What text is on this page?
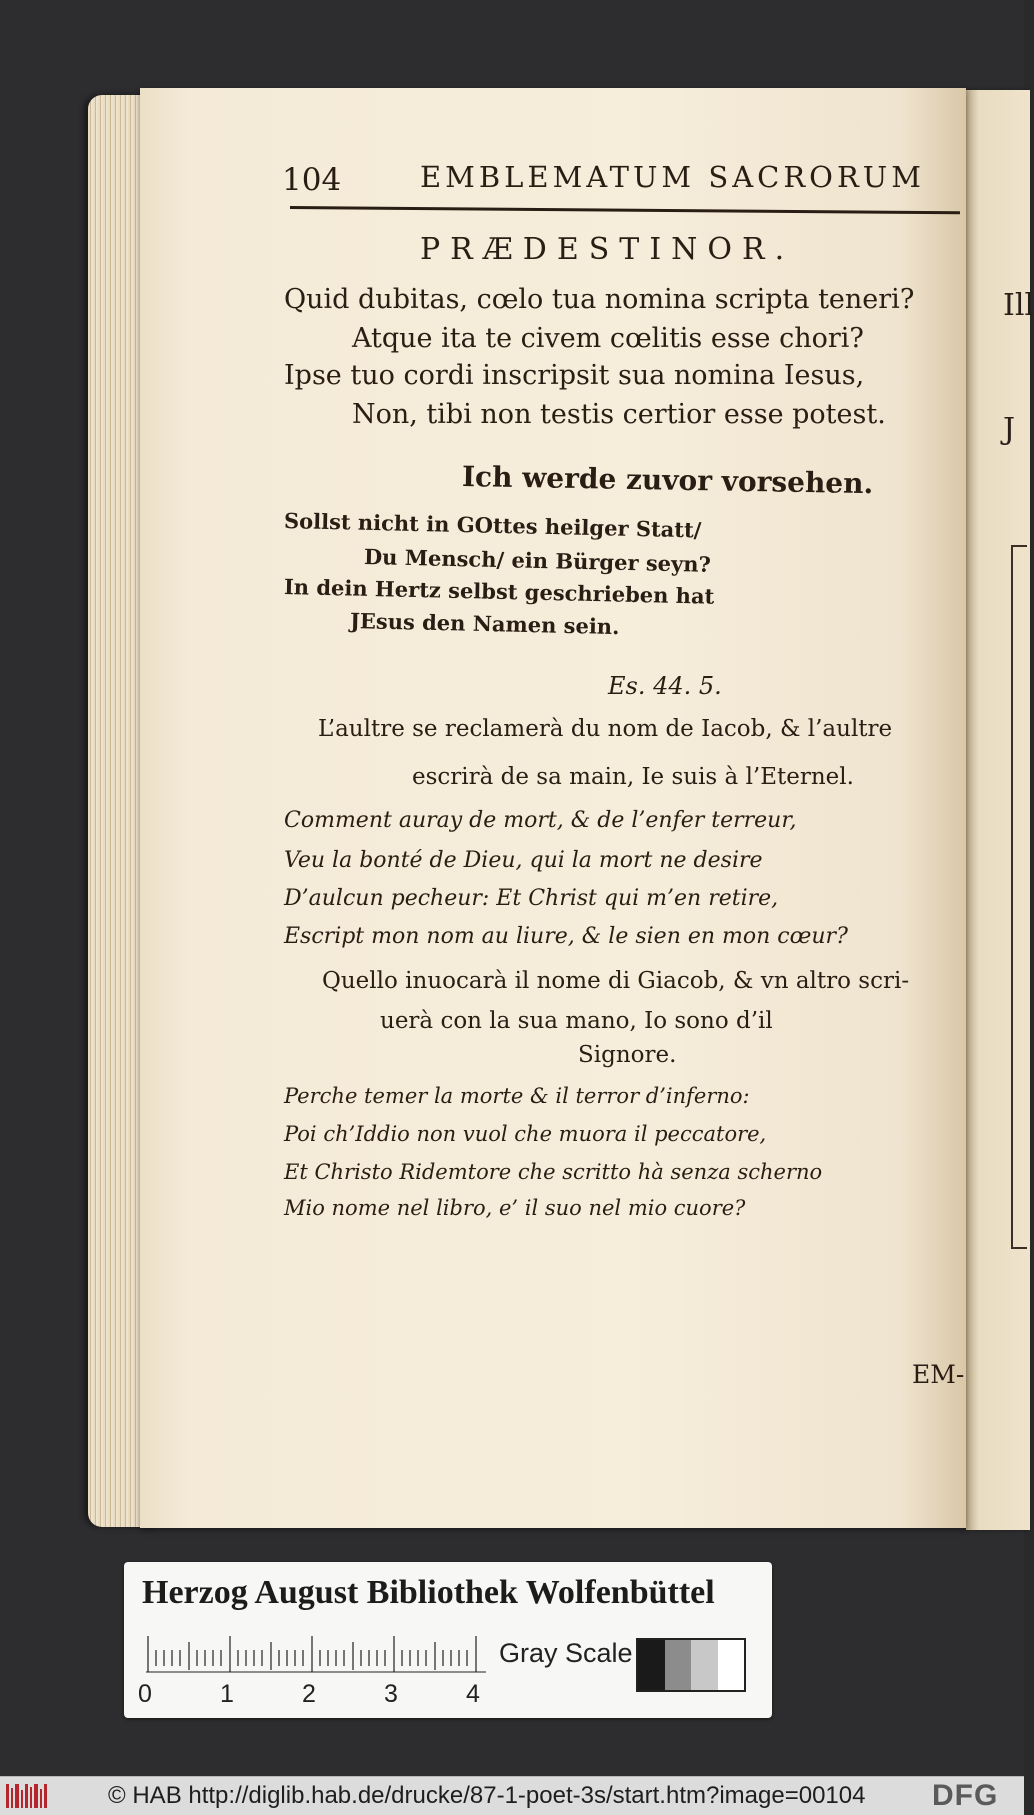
Ill
J
104	EMBLEMATUM SACRORUM
PRÆDESTINOR.
Quid dubitas, cœlo tua nomina scripta teneri?
Atque ita te civem cœlitis esse chori?
Ipse tuo cordi inscripsit sua nomina Iesus,
Non, tibi non testis certior esse potest.
Ich werde zuvor vorsehen.
Sollst nicht in GOttes heilger Statt/
Du Mensch/ ein Bürger seyn?
In dein Hertz selbst geschrieben hat
JEsus den Namen sein.
Es. 44. 5.
L’aultre se reclamerà du nom de Iacob, & l’aultre
escrirà de sa main, Ie suis à l’Eternel.
Comment auray de mort, & de l’enfer terreur,
Veu la bonté de Dieu, qui la mort ne desire
D’aulcun pecheur: Et Christ qui m’en retire,
Escript mon nom au liure, & le sien en mon cœur?
Quello inuocarà il nome di Giacob, & vn altro scri-
uerà con la sua mano, Io sono d’il
Signore.
Perche temer la morte & il terror d’inferno:
Poi ch’Iddio non vuol che muora il peccatore,
Et Christo Ridemtore che scritto hà senza scherno
Mio nome nel libro, e’ il suo nel mio cuore?
EM-
Herzog August Bibliothek Wolfenbüttel
0	1	2	3	4
Gray Scale
© HAB http://diglib.hab.de/drucke/87-1-poet-3s/start.htm?image=00104 DFG
